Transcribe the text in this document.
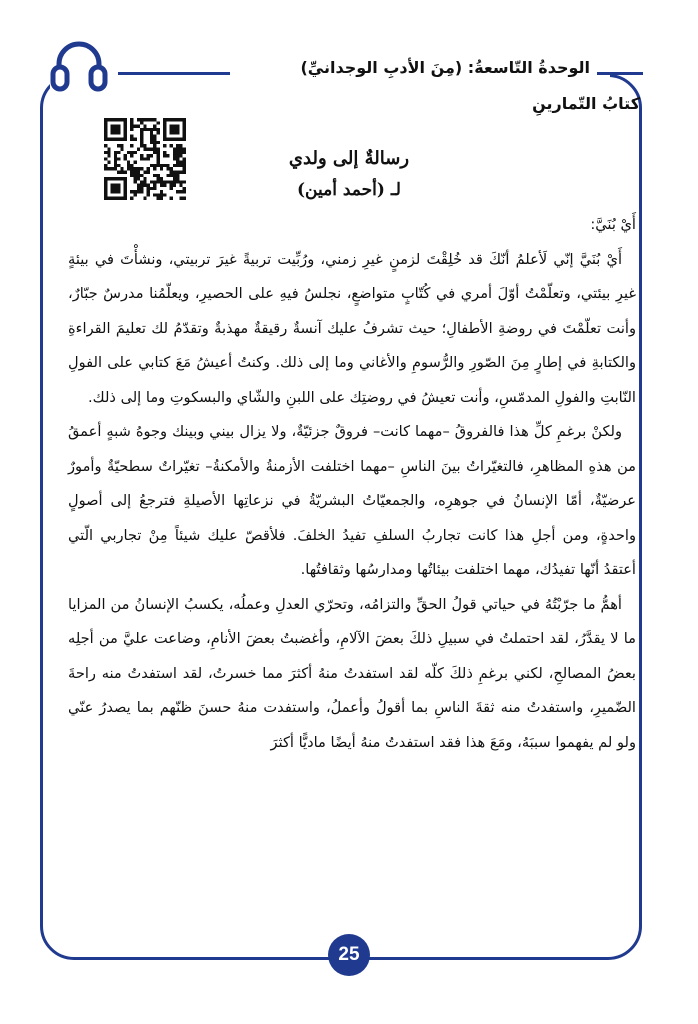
الوحدةُ التّاسعةُ: (مِنَ الأدبِ الوجدانيِّ)
كتابُ التّمارينِ
رسالةٌ إلى ولدي
لـ (أحمد أمين)

أَيْ بُنَيَّ:

أَيْ بُنَيَّ إنّي لَأعلمُ أنّكَ قد خُلِقْتَ لزمنٍ غيرِ زمني، ورُبِّيت تربيةً غيرَ تربيتي، ونشأْتَ في بيئةٍ غيرِ بيئتي، وتعلّمْتُ أوّلَ أمري في كُتّابٍ متواضعٍ، نجلسُ فيهِ على الحصيرِ، ويعلّمُنا مدرسٌ جبّارٌ، وأنت تعلّمْتَ في روضةِ الأطفالِ؛ حيث تشرفُ عليك آنسةٌ رقيقةٌ مهذبةٌ وتقدّمُ لك تعليمَ القراءةِ والكتابةِ في إطارٍ مِنَ الصّورِ والرُّسومِ والأغاني وما إلى ذلك. وكنتُ أعيشُ مَعَ كتابي على الفولِ النّابتِ والفولِ المدمّسِ، وأنت تعيشُ في روضتِك على اللبنِ والشّاي والبسكوتِ وما إلى ذلك.

ولكنْ برغمِ كلِّ هذا فالفروقُ –مهما كانت– فروقٌ جزئيّةٌ، ولا يزال بيني وبينك وجوهُ شبهٍ أعمقُ من هذهِ المظاهرِ، فالتغيّراتُ بينَ الناسِ –مهما اختلفت الأزمنةُ والأمكنةُ– تغيّراتٌ سطحيّةٌ وأمورٌ عرضيّةٌ، أمّا الإنسانُ في جوهرِه، والجمعيّاتُ البشريّةُ في نزعاتِها الأصيلةِ فترجعُ إلى أصولٍ واحدةٍ، ومن أجلِ هذا كانت تجاربُ السلفِ تفيدُ الخلفَ. فلأقصّ عليك شيئاً مِنْ تجاربي الّتي أعتقدُ أنّها تفيدُك، مهما اختلفت بيئاتُها ومدارسُها وثقافتُها.

أهمُّ ما جرّبْتُهُ في حياتي قولُ الحقِّ والتزامُه، وتحرّي العدلِ وعملُه، يكسبُ الإنسانُ من المزايا ما لا يقدَّرُ، لقد احتملتُ في سبيلِ ذلكَ بعضَ الآلامِ، وأغضبتُ بعضَ الأنامِ، وضاعت عليَّ من أجلِه بعضُ المصالحِ، لكني برغمِ ذلكَ كلّه لقد استفدتُ منهُ أكثرَ مما خسرتُ، لقد استفدتُ منه راحةَ الضّميرِ، واستفدتُ منه ثقةَ الناسِ بما أقولُ وأعملُ، واستفدت منهُ حسنَ ظنّهم بما يصدرُ عنّي ولو لم يفهموا سببَهُ، ومَعَ هذا فقد استفدتُ منهُ أيضًا ماديًّا أكثرَ

25
